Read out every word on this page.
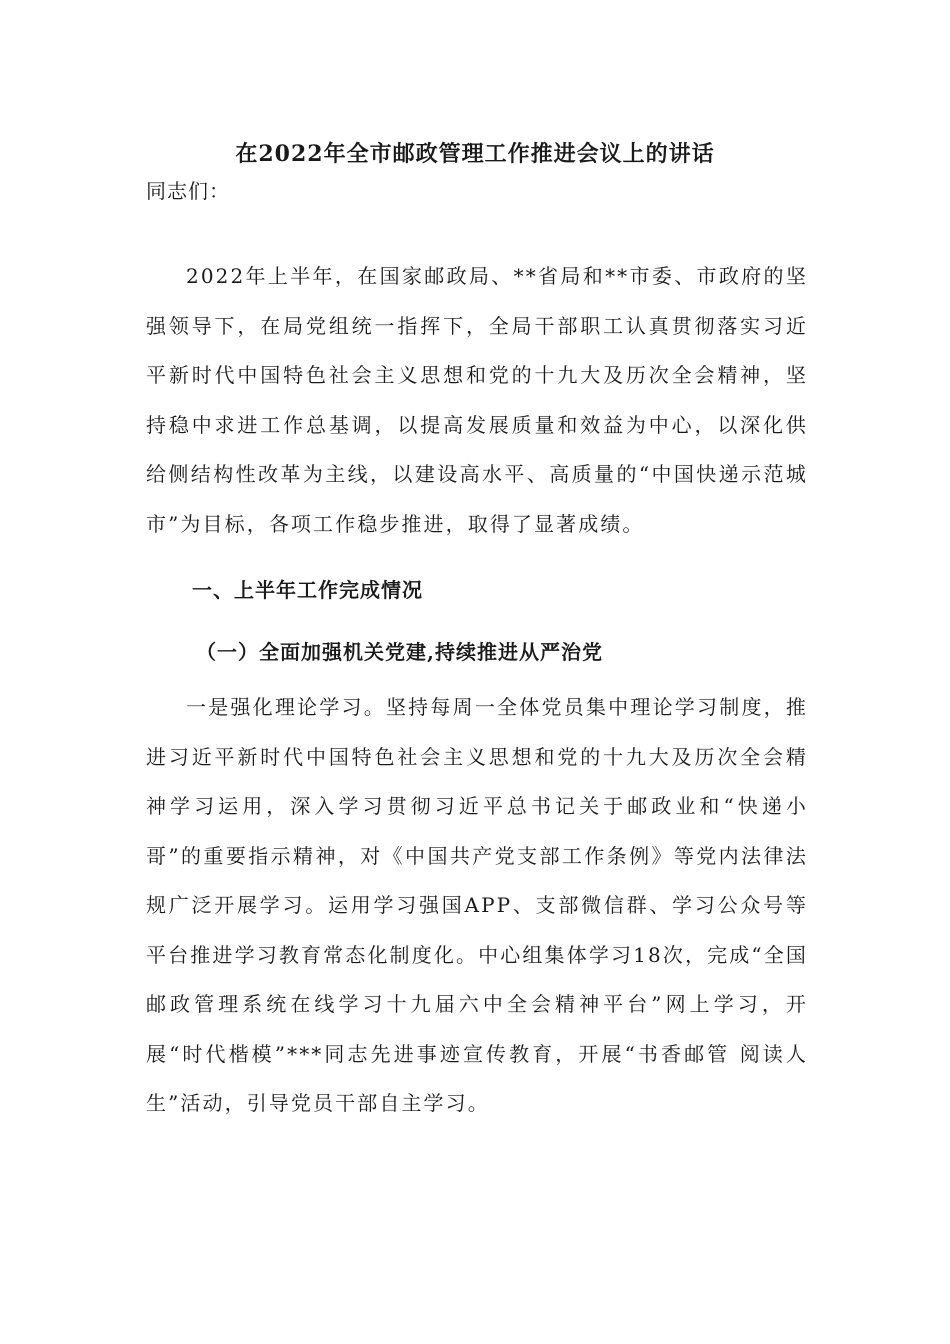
在2022年全市邮政管理工作推进会议上的讲话
同志们：

2022年上半年，在国家邮政局、**省局和**市委、市政府的坚强领导下，在局党组统一指挥下，全局干部职工认真贯彻落实习近平新时代中国特色社会主义思想和党的十九大及历次全会精神，坚持稳中求进工作总基调，以提高发展质量和效益为中心，以深化供给侧结构性改革为主线，以建设高水平、高质量的“中国快递示范城市”为目标，各项工作稳步推进，取得了显著成绩。

一、上半年工作完成情况
（一）全面加强机关党建,持续推进从严治党

一是强化理论学习。坚持每周一全体党员集中理论学习制度，推进习近平新时代中国特色社会主义思想和党的十九大及历次全会精神学习运用，深入学习贯彻习近平总书记关于邮政业和“快递小哥”的重要指示精神，对《中国共产党支部工作条例》等党内法律法规广泛开展学习。运用学习强国APP、支部微信群、学习公众号等平台推进学习教育常态化制度化。中心组集体学习18次，完成“全国邮政管理系统在线学习十九届六中全会精神平台”网上学习，开展“时代楷模”***同志先进事迹宣传教育，开展“书香邮管 阅读人生”活动，引导党员干部自主学习。
